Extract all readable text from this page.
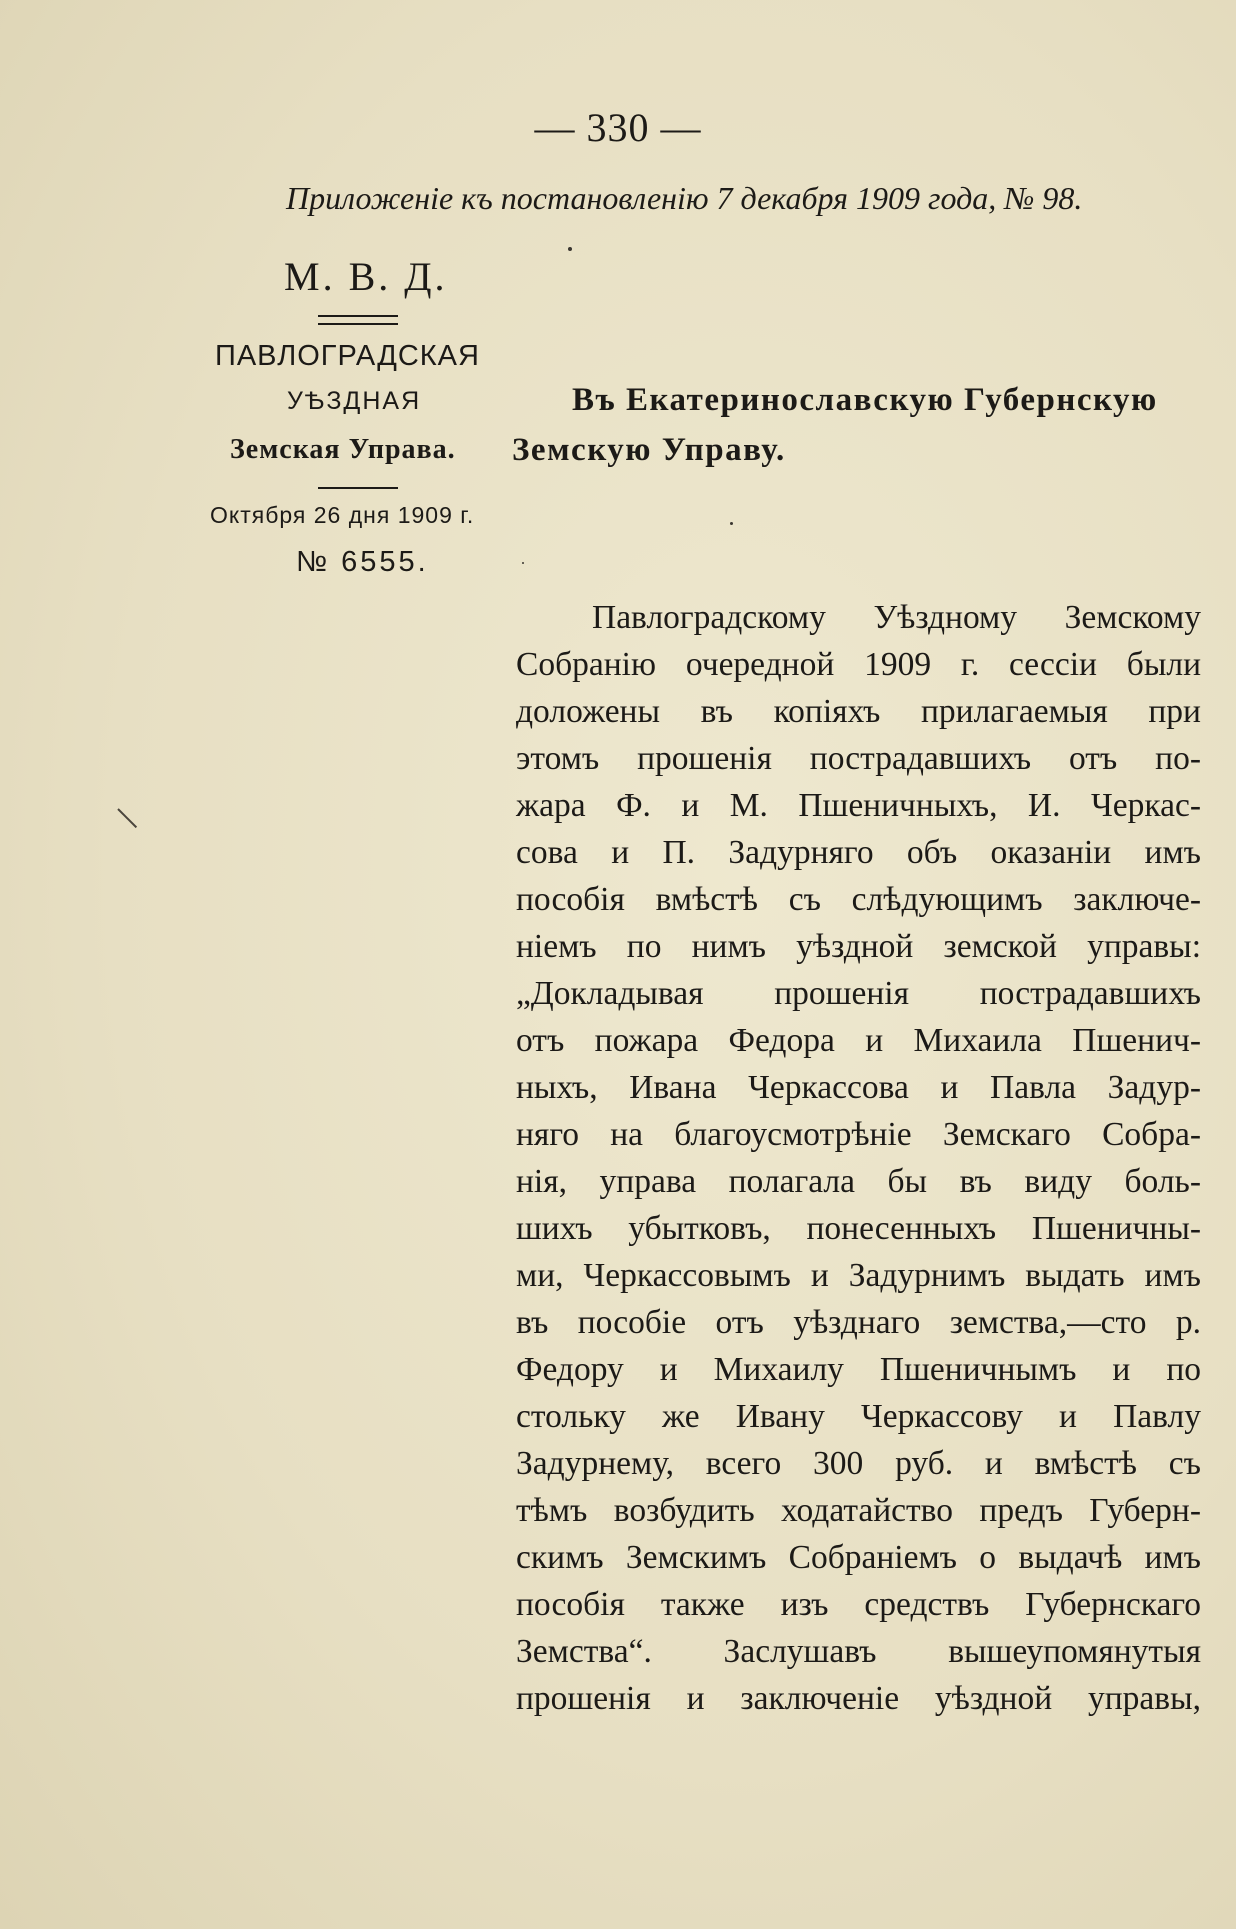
— 330 —
Приложеніе къ постановленію 7 декабря 1909 года, № 98.
М. В. Д.
ПАВЛОГРАДСКАЯ
УѢЗДНАЯ
Земская Управа.
Октября 26 дня 1909 г.
№ 6555.
Въ Екатеринославскую Губернскую
Земскую Управу.
Павлоградскому Уѣздному Земскому
Собранію очередной 1909 г. сессіи были
доложены въ копіяхъ прилагаемыя при
этомъ прошенія пострадавшихъ отъ по-
жара Ф. и М. Пшеничныхъ, И. Черкас-
сова и П. Задурняго объ оказаніи имъ
пособія вмѣстѣ съ слѣдующимъ заключе-
ніемъ по нимъ уѣздной земской управы:
„Докладывая прошенія пострадавшихъ
отъ пожара Федора и Михаила Пшенич-
ныхъ, Ивана Черкассова и Павла Задур-
няго на благоусмотрѣніе Земскаго Собра-
нія, управа полагала бы въ виду боль-
шихъ убытковъ, понесенныхъ Пшеничны-
ми, Черкассовымъ и Задурнимъ выдать имъ
въ пособіе отъ уѣзднаго земства,—сто р.
Федору и Михаилу Пшеничнымъ и по
стольку же Ивану Черкассову и Павлу
Задурнему, всего 300 руб. и вмѣстѣ съ
тѣмъ возбудить ходатайство предъ Губерн-
скимъ Земскимъ Собраніемъ о выдачѣ имъ
пособія также изъ средствъ Губернскаго
Земства“. Заслушавъ вышеупомянутыя
прошенія и заключеніе уѣздной управы,
